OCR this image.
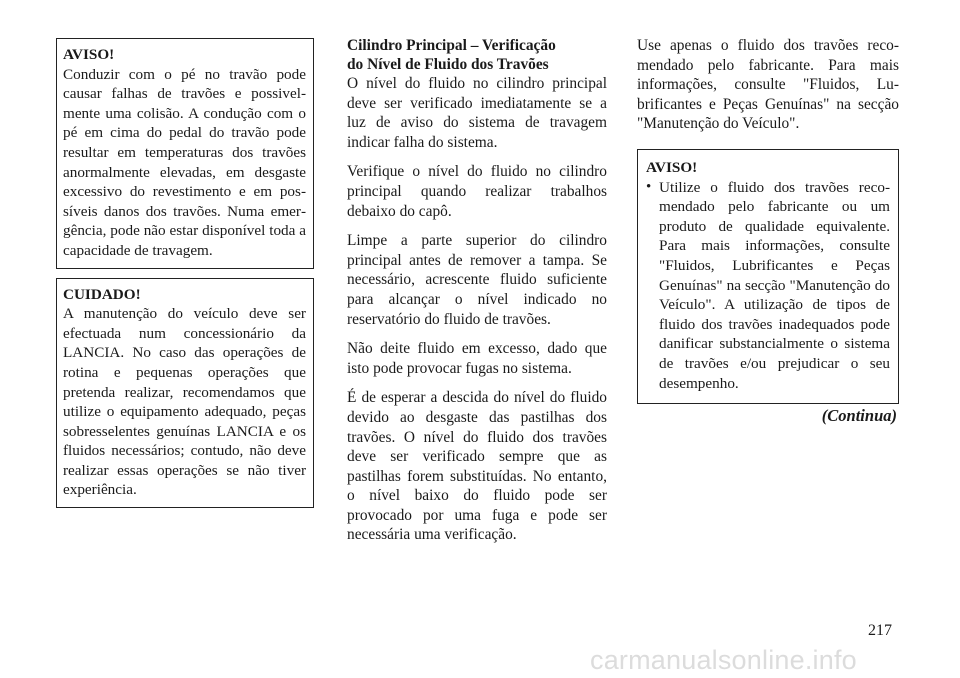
AVISO!
Conduzir com o pé no travão pode causar falhas de travões e possivelmente uma colisão. A condução com o pé em cima do pedal do travão pode resultar em temperaturas dos travões anormalmente elevadas, em desgaste excessivo do revestimento e em possíveis danos dos travões. Numa emergência, pode não estar disponível toda a capacidade de travagem.
CUIDADO!
A manutenção do veículo deve ser efectuada num concessionário da LANCIA. No caso das operações de rotina e pequenas operações que pretenda realizar, recomendamos que utilize o equipamento adequado, peças sobresselentes genuínas LANCIA e os fluidos necessários; contudo, não deve realizar essas operações se não tiver experiência.
Cilindro Principal – Verificação
do Nível de Fluido dos Travões

O nível do fluido no cilindro principal deve ser verificado imediatamente se a luz de aviso do sistema de travagem indicar falha do sistema.

Verifique o nível do fluido no cilindro principal quando realizar trabalhos debaixo do capô.

Limpe a parte superior do cilindro principal antes de remover a tampa. Se necessário, acrescente fluido suficiente para alcançar o nível indicado no reservatório do fluido de travões.

Não deite fluido em excesso, dado que isto pode provocar fugas no sistema.

É de esperar a descida do nível do fluido devido ao desgaste das pastilhas dos travões. O nível do fluido dos travões deve ser verificado sempre que as pastilhas forem substituídas. No entanto, o nível baixo do fluido pode ser provocado por uma fuga e pode ser necessária uma verificação.

Use apenas o fluido dos travões recomendado pelo fabricante. Para mais informações, consulte "Fluidos, Lubrificantes e Peças Genuínas" na secção "Manutenção do Veículo".

AVISO!
• Utilize o fluido dos travões recomendado pelo fabricante ou um produto de qualidade equivalente. Para mais informações, consulte "Fluidos, Lubrificantes e Peças Genuínas" na secção "Manutenção do Veículo". A utilização de tipos de fluido dos travões inadequados pode danificar substancialmente o sistema de travões e/ou prejudicar o seu desempenho.
(Continua)
217
carmanualsonline.info
